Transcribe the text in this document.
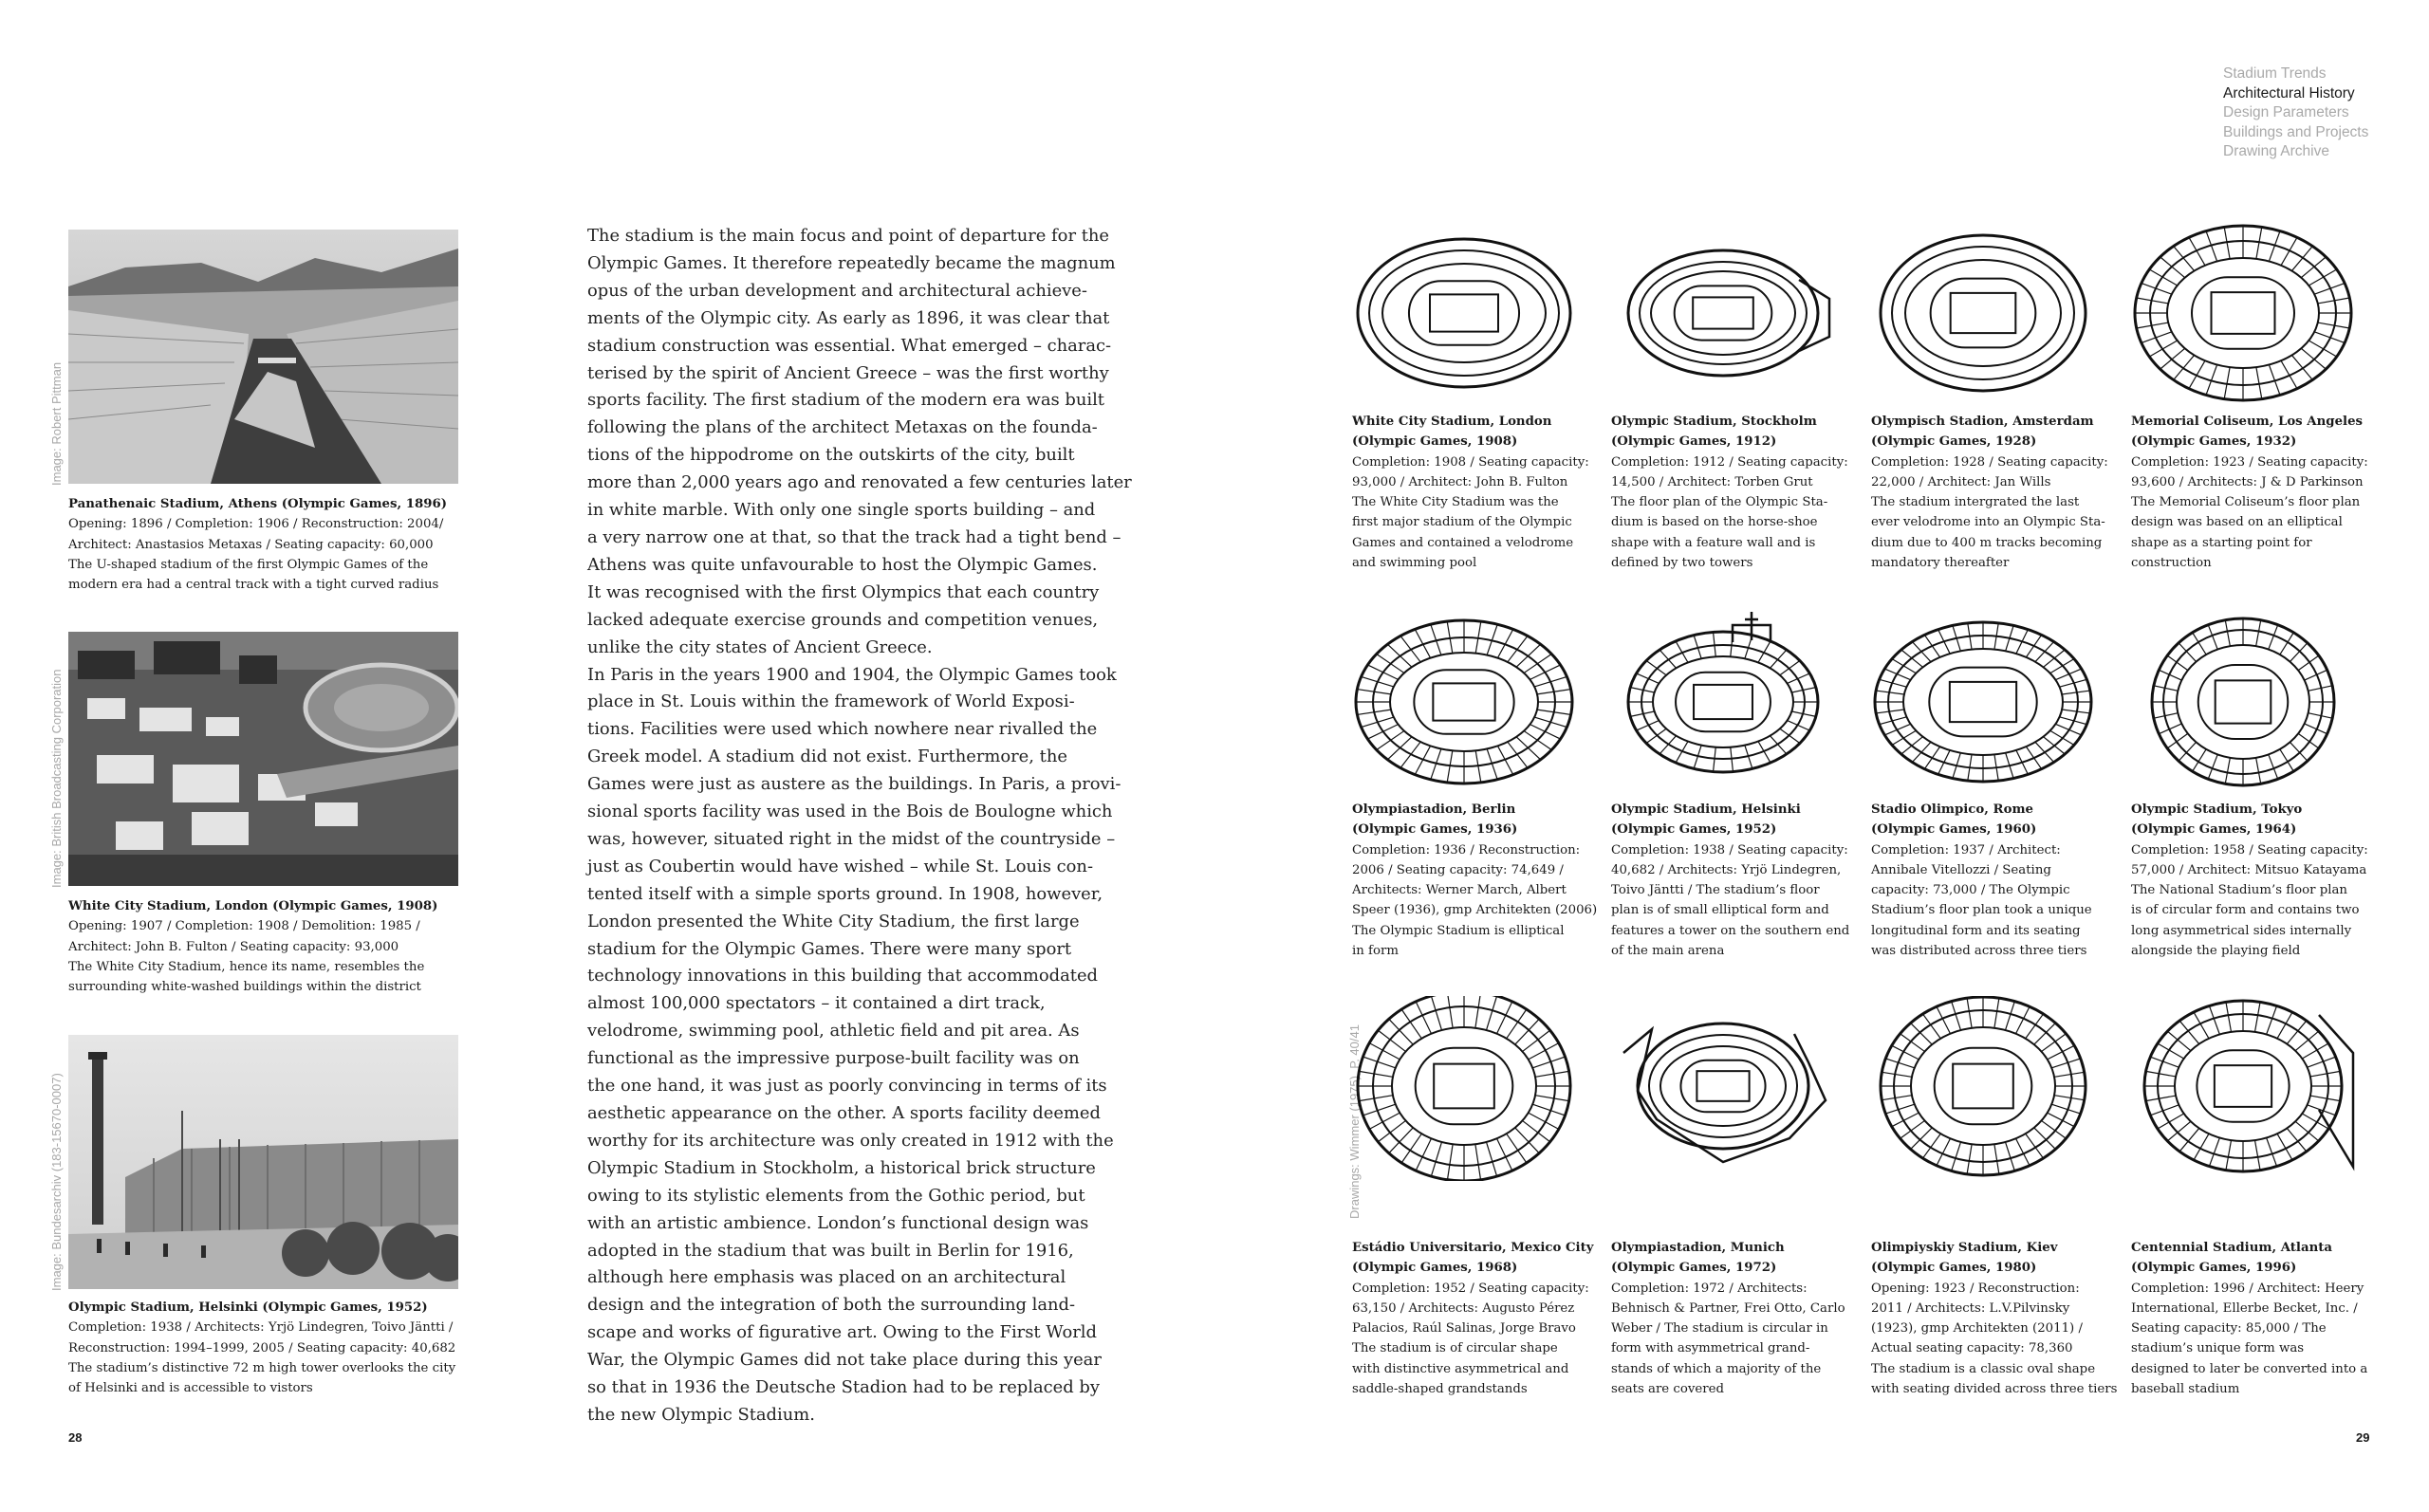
Stadium Trends
Architectural History
Design Parameters
Buildings and Projects
Drawing Archive
Image: Robert Pittman
Panathenaic Stadium, Athens (Olympic Games, 1896)
Opening: 1896 / Completion: 1906 / Reconstruction: 2004/
Architect: Anastasios Metaxas / Seating capacity: 60,000
The U-shaped stadium of the first Olympic Games of the
modern era had a central track with a tight curved radius
Image: British Broadcasting Corporation
White City Stadium, London (Olympic Games, 1908)
Opening: 1907 / Completion: 1908 / Demolition: 1985 /
Architect: John B. Fulton / Seating capacity: 93,000
The White City Stadium, hence its name, resembles the
surrounding white-washed buildings within the district
Image: Bundesarchiv (183-15670-0007)
Olympic Stadium, Helsinki (Olympic Games, 1952)
Completion: 1938 / Architects: Yrjö Lindegren, Toivo Jäntti /
Reconstruction: 1994–1999, 2005 / Seating capacity: 40,682
The stadium’s distinctive 72 m high tower overlooks the city
of Helsinki and is accessible to vistors
The stadium is the main focus and point of departure for the
Olympic Games. It therefore repeatedly became the magnum
opus of the urban development and architectural achieve-
ments of the Olympic city. As early as 1896, it was clear that
stadium construction was essential. What emerged – charac-
terised by the spirit of Ancient Greece – was the first worthy
sports facility. The first stadium of the modern era was built
following the plans of the architect Metaxas on the founda-
tions of the hippodrome on the outskirts of the city, built
more than 2,000 years ago and renovated a few centuries later
in white marble. With only one single sports building – and
a very narrow one at that, so that the track had a tight bend –
Athens was quite unfavourable to host the Olympic Games.
It was recognised with the first Olympics that each country
lacked adequate exercise grounds and competition venues,
unlike the city states of Ancient Greece.
In Paris in the years 1900 and 1904, the Olympic Games took
place in St. Louis within the framework of World Exposi-
tions. Facilities were used which nowhere near rivalled the
Greek model. A stadium did not exist. Furthermore, the
Games were just as austere as the buildings. In Paris, a provi-
sional sports facility was used in the Bois de Boulogne which
was, however, situated right in the midst of the countryside –
just as Coubertin would have wished – while St. Louis con-
tented itself with a simple sports ground. In 1908, however,
London presented the White City Stadium, the first large
stadium for the Olympic Games. There were many sport
technology innovations in this building that accommodated
almost 100,000 spectators – it contained a dirt track,
velodrome, swimming pool, athletic field and pit area. As
functional as the impressive purpose-built facility was on
the one hand, it was just as poorly convincing in terms of its
aesthetic appearance on the other. A sports facility deemed
worthy for its architecture was only created in 1912 with the
Olympic Stadium in Stockholm, a historical brick structure
owing to its stylistic elements from the Gothic period, but
with an artistic ambience. London’s functional design was
adopted in the stadium that was built in Berlin for 1916,
although here emphasis was placed on an architectural
design and the integration of both the surrounding land-
scape and works of figurative art. Owing to the First World
War, the Olympic Games did not take place during this year
so that in 1936 the Deutsche Stadion had to be replaced by
the new Olympic Stadium.
Drawings: Wimmer (1975), P. 40/41
White City Stadium, London
(Olympic Games, 1908)
Completion: 1908 / Seating capacity:
93,000 / Architect: John B. Fulton
The White City Stadium was the
first major stadium of the Olympic
Games and contained a velodrome
and swimming pool
Olympic Stadium, Stockholm
(Olympic Games, 1912)
Completion: 1912 / Seating capacity:
14,500 / Architect: Torben Grut
The floor plan of the Olympic Sta-
dium is based on the horse-shoe
shape with a feature wall and is
defined by two towers
Olympisch Stadion, Amsterdam
(Olympic Games, 1928)
Completion: 1928 / Seating capacity:
22,000 / Architect: Jan Wills
The stadium intergrated the last
ever velodrome into an Olympic Sta-
dium due to 400 m tracks becoming
mandatory thereafter
Memorial Coliseum, Los Angeles
(Olympic Games, 1932)
Completion: 1923 / Seating capacity:
93,600 / Architects: J & D Parkinson
The Memorial Coliseum’s floor plan
design was based on an elliptical
shape as a starting point for
construction
Olympiastadion, Berlin
(Olympic Games, 1936)
Completion: 1936 / Reconstruction:
2006 / Seating capacity: 74,649 /
Architects: Werner March, Albert
Speer (1936), gmp Architekten (2006)
The Olympic Stadium is elliptical
in form
Olympic Stadium, Helsinki
(Olympic Games, 1952)
Completion: 1938 / Seating capacity:
40,682 / Architects: Yrjö Lindegren,
Toivo Jäntti / The stadium’s floor
plan is of small elliptical form and
features a tower on the southern end
of the main arena
Stadio Olimpico, Rome
(Olympic Games, 1960)
Completion: 1937 / Architect:
Annibale Vitellozzi / Seating
capacity: 73,000 / The Olympic
Stadium’s floor plan took a unique
longitudinal form and its seating
was distributed across three tiers
Olympic Stadium, Tokyo
(Olympic Games, 1964)
Completion: 1958 / Seating capacity:
57,000 / Architect: Mitsuo Katayama
The National Stadium’s floor plan
is of circular form and contains two
long asymmetrical sides internally
alongside the playing field
Estádio Universitario, Mexico City
(Olympic Games, 1968)
Completion: 1952 / Seating capacity:
63,150 / Architects: Augusto Pérez
Palacios, Raúl Salinas, Jorge Bravo
The stadium is of circular shape
with distinctive asymmetrical and
saddle-shaped grandstands
Olympiastadion, Munich
(Olympic Games, 1972)
Completion: 1972 / Architects:
Behnisch & Partner, Frei Otto, Carlo
Weber / The stadium is circular in
form with asymmetrical grand-
stands of which a majority of the
seats are covered
Olimpiyskiy Stadium, Kiev
(Olympic Games, 1980)
Opening: 1923 / Reconstruction:
2011 / Architects: L.V.Pilvinsky
(1923), gmp Architekten (2011) /
Actual seating capacity: 78,360
The stadium is a classic oval shape
with seating divided across three tiers
Centennial Stadium, Atlanta
(Olympic Games, 1996)
Completion: 1996 / Architect: Heery
International, Ellerbe Becket, Inc. /
Seating capacity: 85,000 / The
stadium’s unique form was
designed to later be converted into a
baseball stadium
28	29
